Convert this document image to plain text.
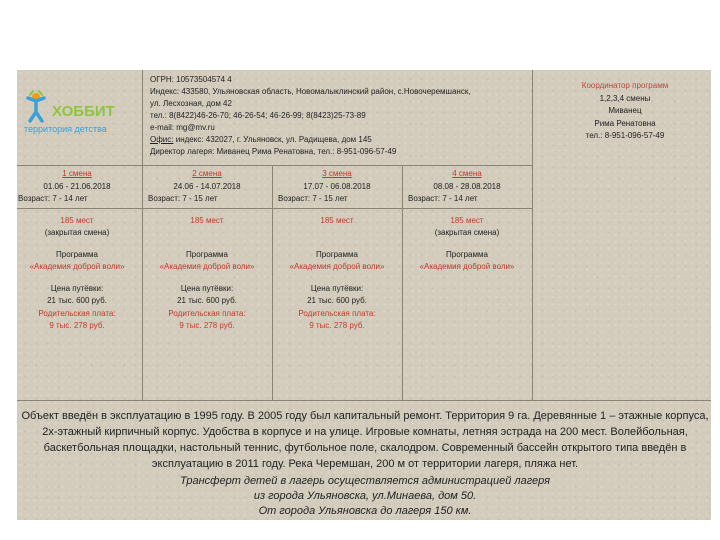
ХОББИТ
территория детства
ОГРН: 10573504574 4
Индекс: 433580, Ульяновская область, Новомалыклинский район, с.Новочеремшанск,
ул. Лесхозная, дом 42
тел.: 8(8422)46-26-70; 46-26-54; 46-26-99; 8(8423)25-73-89
e-mail: mg@mv.ru
Офис: индекс: 432027, г. Ульяновск, ул. Радищева, дом 145
Директор лагеря: Миванец Рима Ренатовна, тел.: 8-951-096-57-49
Координатор программ
1,2,3,4 смены
Миванец
Рима Ренатовна
тел.: 8-951-096-57-49
1 смена
01.06 - 21.06.2018
Возраст: 7 - 14 лет
185 мест
(закрытая смена)
Программа
«Академия доброй воли»
Цена путёвки:
21 тыс. 600 руб.
Родительская плата:
9 тыс. 278 руб.
2 смена
24.06 - 14.07.2018
Возраст: 7 - 15 лет
185 мест
Программа
«Академия доброй воли»
Цена путёвки:
21 тыс. 600 руб.
Родительская плата:
9 тыс. 278 руб.
3 смена
17.07 - 06.08.2018
Возраст: 7 - 15 лет
185 мест
Программа
«Академия доброй воли»
Цена путёвки:
21 тыс. 600 руб.
Родительская плата:
9 тыс. 278 руб.
4 смена
08.08 - 28.08.2018
Возраст: 7 - 14 лет
185 мест
(закрытая смена)
Программа
«Академия доброй воли»
Объект введён в эксплуатацию в 1995 году. В 2005 году был капитальный ремонт. Территория 9 га. Деревянные 1 – этажные корпуса, 2х-этажный кирпичный корпус. Удобства в корпусе и на улице. Игровые комнаты, летняя эстрада на 200 мест. Волейбольная, баскетбольная площадки, настольный теннис, футбольное поле, скалодром. Современный бассейн открытого типа введён в эксплуатацию в 2011 году. Река Черемшан, 200 м от территории лагеря, пляжа нет.
Трансферт детей в лагерь осуществляется администрацией лагеря
из города Ульяновска, ул.Минаева, дом 50.
От города Ульяновска до лагеря 150 км.
